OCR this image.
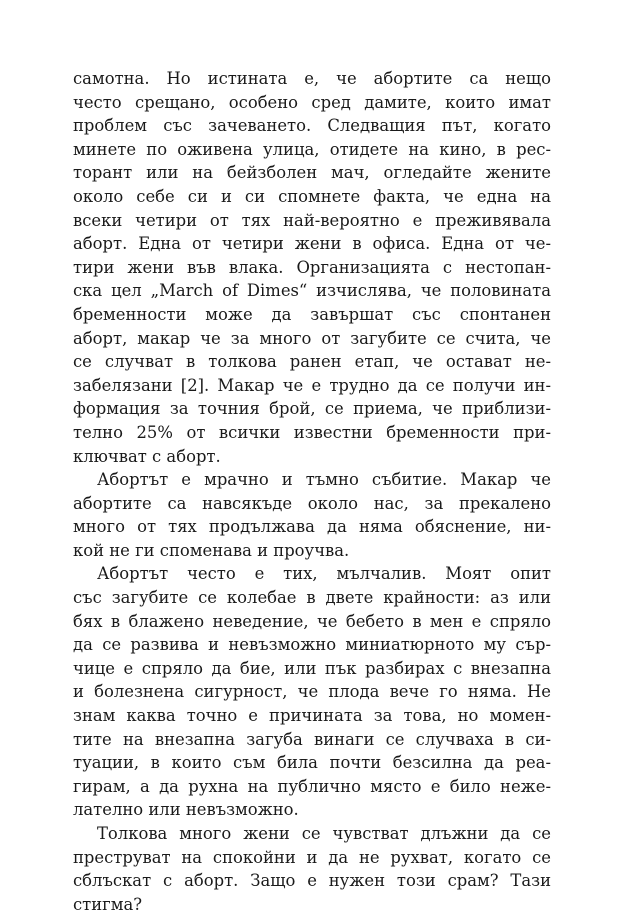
самотна. Но истината е, че абортите са нещо
често срещано, особено сред дамите, които имат
проблем със зачеването. Следващия път, когато
минете по оживена улица, отидете на кино, в рес-
торант или на бейзболен мач, огледайте жените
около себе си и си спомнете факта, че една на
всеки четири от тях най-вероятно е преживявала
аборт. Една от четири жени в офиса. Една от че-
тири жени във влака. Организацията с нестопан-
ска цел „March of Dimes“ изчислява, че половината
бременности може да завършат със спонтанен
аборт, макар че за много от загубите се счита, че
се случват в толкова ранен етап, че остават не-
забелязани [2]. Макар че е трудно да се получи ин-
формация за точния брой, се приема, че приблизи-
телно 25% от всички известни бременности при-
ключват с аборт.
Абортът е мрачно и тъмно събитие. Макар че
абортите са навсякъде около нас, за прекалено
много от тях продължава да няма обяснение, ни-
кой не ги споменава и проучва.
Абортът често е тих, мълчалив. Моят опит
със загубите се колебае в двете крайности: аз или
бях в блажено неведение, че бебето в мен е спряло
да се развива и невъзможно миниатюрното му сър-
чице е спряло да бие, или пък разбирах с внезапна
и болезнена сигурност, че плода вече го няма. Не
знам каква точно е причината за това, но момен-
тите на внезапна загуба винаги се случваха в си-
туации, в които съм била почти безсилна да реа-
гирам, а да рухна на публично място е било неже-
лателно или невъзможно.
Толкова много жени се чувстват длъжни да се
преструват на спокойни и да не рухват, когато се
сблъскат с аборт. Защо е нужен този срам? Тази
стигма?
